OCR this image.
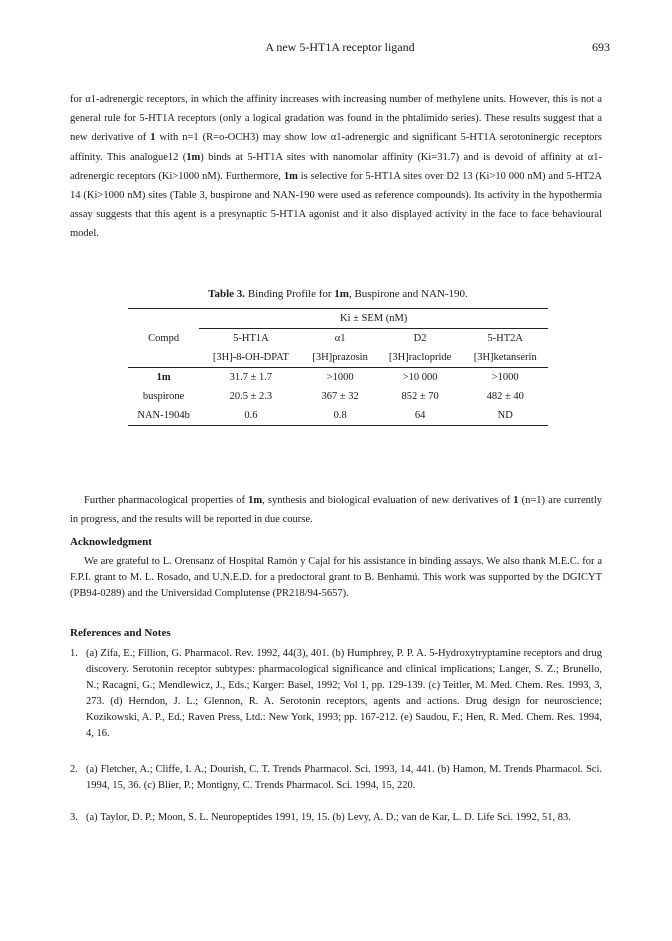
A new 5-HT1A receptor ligand	693

for α1-adrenergic receptors, in which the affinity increases with increasing number of methylene units. However, this is not a general rule for 5-HT1A receptors (only a logical gradation was found in the phtalimido series). These results suggest that a new derivative of 1 with n=1 (R=o-OCH3) may show low α1-adrenergic and significant 5-HT1A serotoninergic receptors affinity. This analogue12 (1m) binds at 5-HT1A sites with nanomolar affinity (Ki=31.7) and is devoid of affinity at α1-adrenergic receptors (Ki>1000 nM). Furthermore, 1m is selective for 5-HT1A sites over D2 13 (Ki>10 000 nM) and 5-HT2A 14 (Ki>1000 nM) sites (Table 3, buspirone and NAN-190 were used as reference compounds). Its activity in the hypothermia assay suggests that this agent is a presynaptic 5-HT1A agonist and it also displayed activity in the face to face behavioural model.

Table 3. Binding Profile for 1m, Buspirone and NAN-190.

	Ki ± SEM (nM)			
Compd	5-HT1A	α1	D2	5-HT2A
	[3H]-8-OH-DPAT	[3H]prazosin	[3H]raclopride	[3H]ketanserin
1m	31.7 ± 1.7	>1000	>10 000	>1000
buspirone	20.5 ± 2.3	367 ± 32	852 ± 70	482 ± 40
NAN-1904b	0.6	0.8	64	ND

Further pharmacological properties of 1m, synthesis and biological evaluation of new derivatives of 1 (n=1) are currently in progress, and the results will be reported in due course.

Acknowledgment

We are grateful to L. Orensanz of Hospital Ramón y Cajal for his assistance in binding assays. We also thank M.E.C. for a F.P.I. grant to M. L. Rosado, and U.N.E.D. for a predoctoral grant to B. Benhamú. This work was supported by the DGICYT (PB94-0289) and the Universidad Complutense (PR218/94-5657).

References and Notes
1. (a) Zifa, E.; Fillion, G. Pharmacol. Rev. 1992, 44(3), 401. (b) Humphrey, P. P. A. 5-Hydroxytryptamine receptors and drug discovery. Serotonin receptor subtypes: pharmacological significance and clinical implications; Langer, S. Z.; Brunello, N.; Racagni, G.; Mendlewicz, J., Eds.; Karger: Basel, 1992; Vol 1, pp. 129-139. (c) Teitler, M. Med. Chem. Res. 1993, 3, 273. (d) Herndon, J. L.; Glennon, R. A. Serotonin receptors, agents and actions. Drug design for neuroscience; Kozikowski, A. P., Ed.; Raven Press, Ltd.: New York, 1993; pp. 167-212. (e) Saudou, F.; Hen, R. Med. Chem. Res. 1994, 4, 16.
2. (a) Fletcher, A.; Cliffe, I. A.; Dourish, C. T. Trends Pharmacol. Sci. 1993, 14, 441. (b) Hamon, M. Trends Pharmacol. Sci. 1994, 15, 36. (c) Blier, P.; Montigny, C. Trends Pharmacol. Sci. 1994, 15, 220.
3. (a) Taylor, D. P.; Moon, S. L. Neuropeptides 1991, 19, 15. (b) Levy, A. D.; van de Kar, L. D. Life Sci. 1992, 51, 83.
